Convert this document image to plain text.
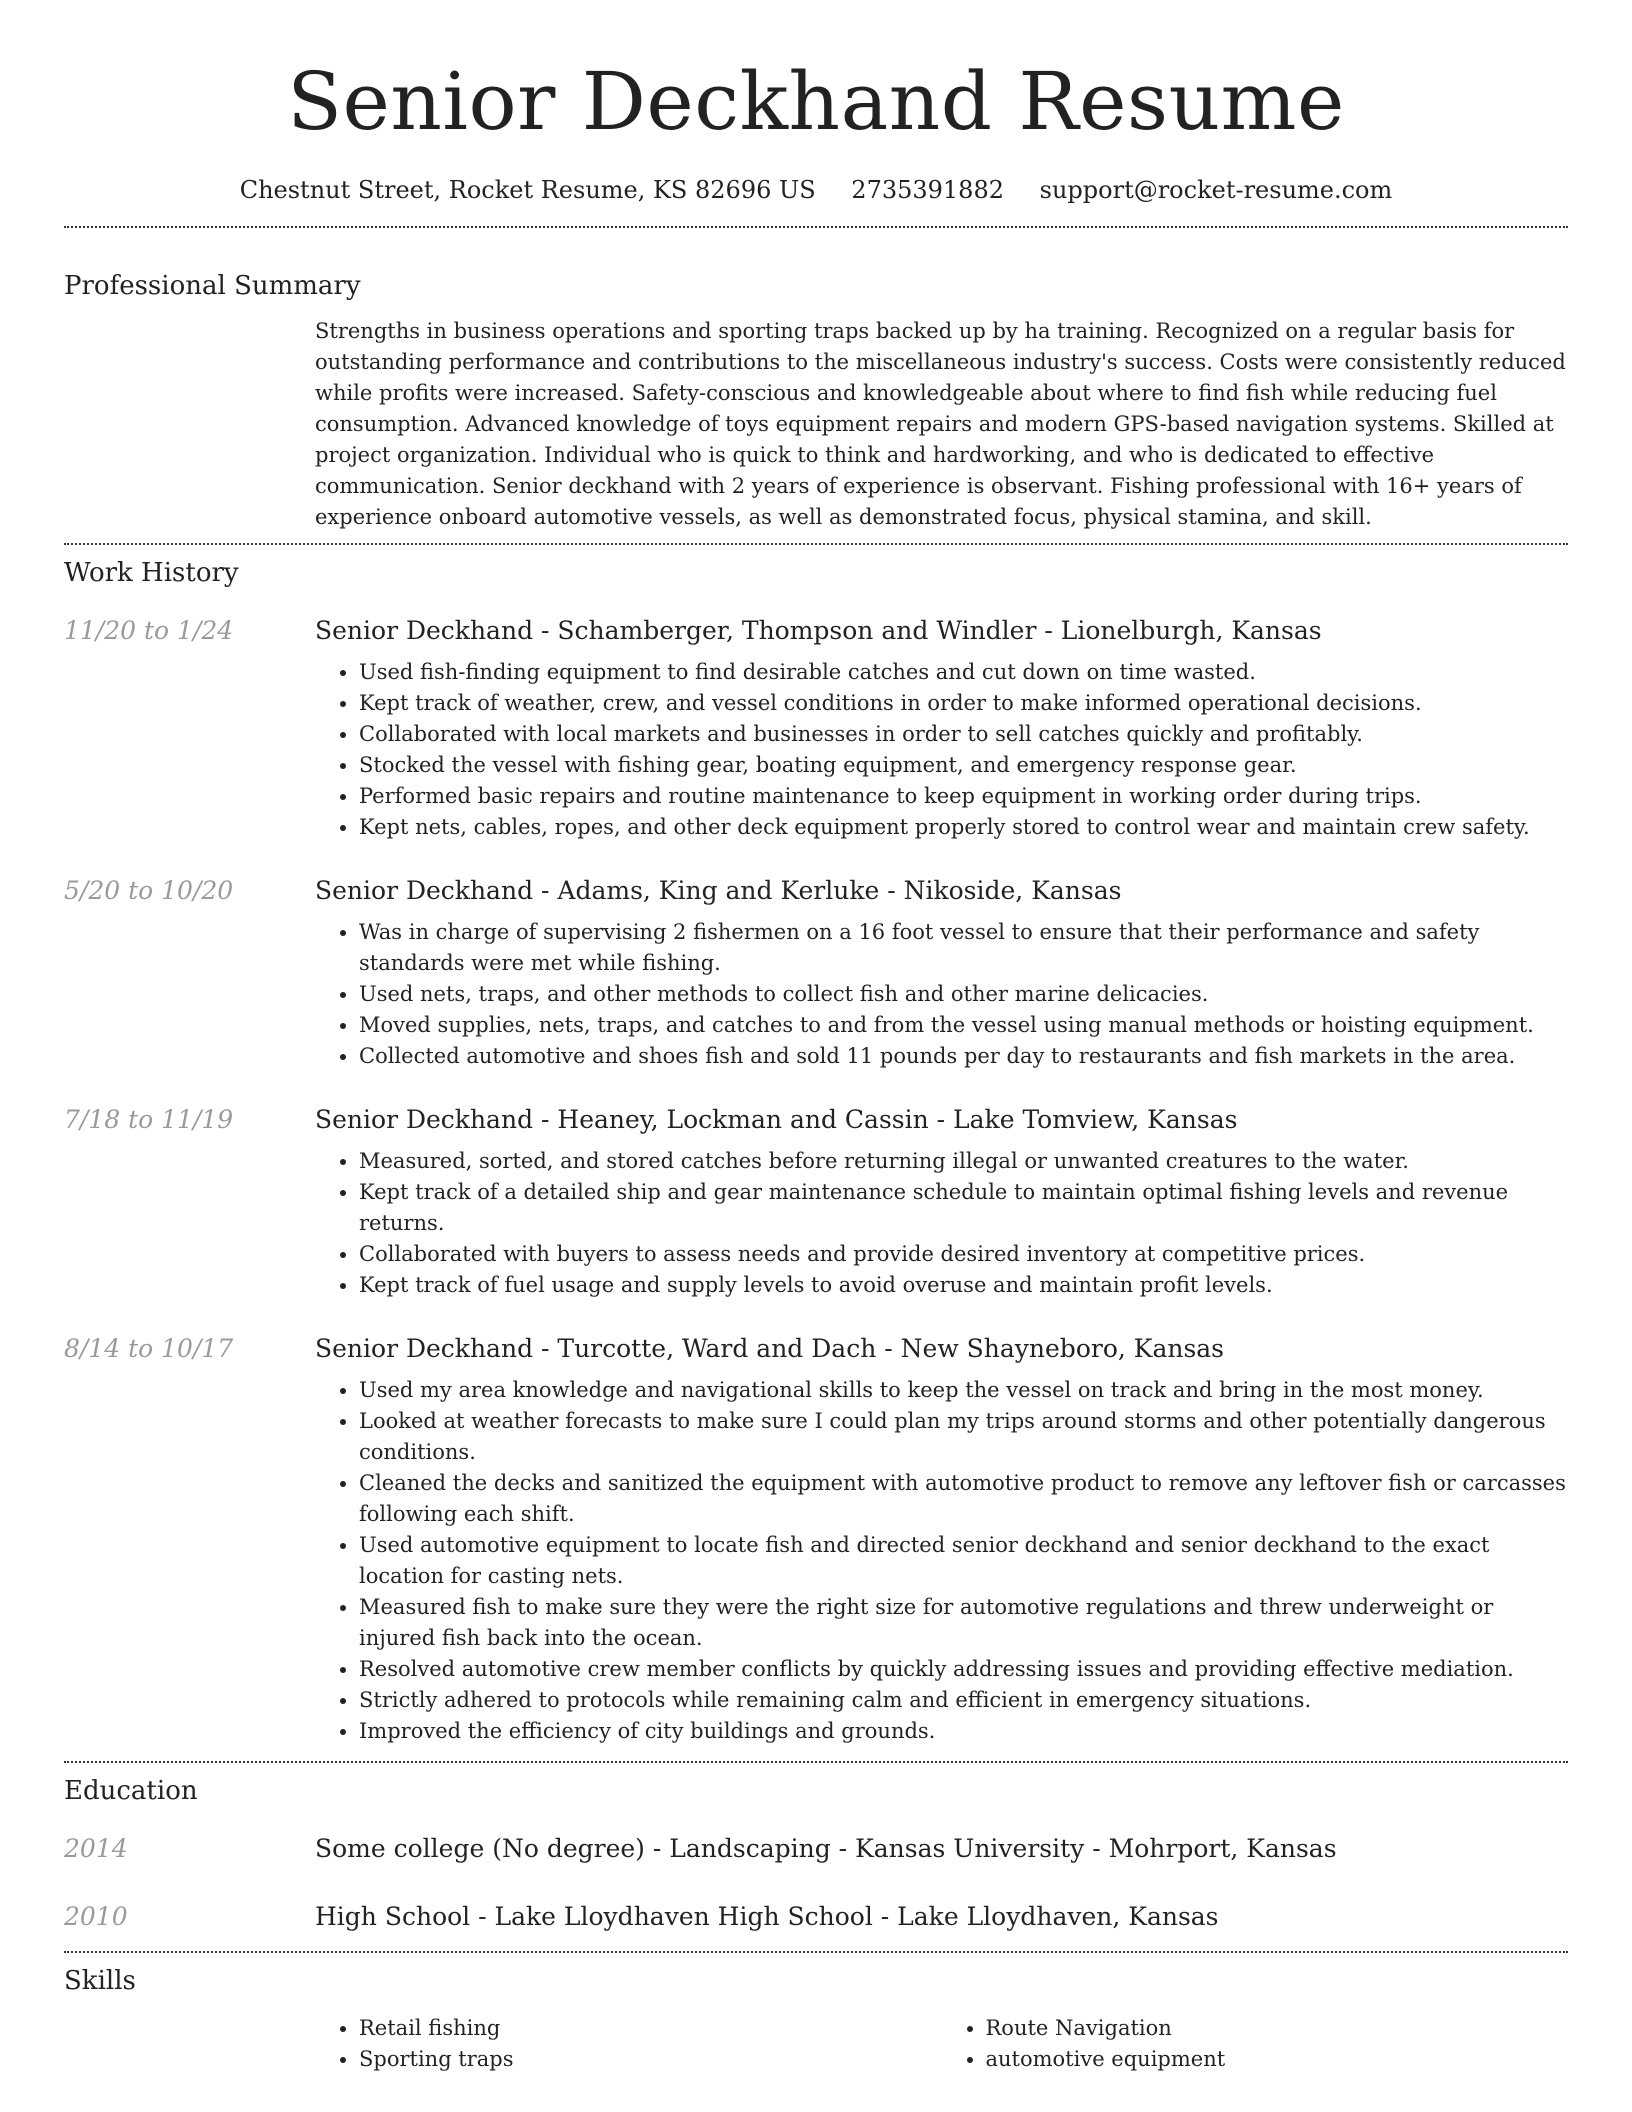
Senior Deckhand Resume
Chestnut Street, Rocket Resume, KS 82696 US 2735391882 support@rocket-resume.com
Professional Summary

Strengths in business operations and sporting traps backed up by ha training. Recognized on a regular basis for outstanding performance and contributions to the miscellaneous industry's success. Costs were consistently reduced while profits were increased. Safety-conscious and knowledgeable about where to find fish while reducing fuel consumption. Advanced knowledge of toys equipment repairs and modern GPS-based navigation systems. Skilled at project organization. Individual who is quick to think and hardworking, and who is dedicated to effective communication. Senior deckhand with 2 years of experience is observant. Fishing professional with 16+ years of experience onboard automotive vessels, as well as demonstrated focus, physical stamina, and skill.

Work History
11/20 to 1/24	Senior Deckhand - Schamberger, Thompson and Windler - Lionelburgh, Kansas
• Used fish-finding equipment to find desirable catches and cut down on time wasted.
• Kept track of weather, crew, and vessel conditions in order to make informed operational decisions.
• Collaborated with local markets and businesses in order to sell catches quickly and profitably.
• Stocked the vessel with fishing gear, boating equipment, and emergency response gear.
• Performed basic repairs and routine maintenance to keep equipment in working order during trips.
• Kept nets, cables, ropes, and other deck equipment properly stored to control wear and maintain crew safety.
5/20 to 10/20	Senior Deckhand - Adams, King and Kerluke - Nikoside, Kansas
• Was in charge of supervising 2 fishermen on a 16 foot vessel to ensure that their performance and safety standards were met while fishing.
• Used nets, traps, and other methods to collect fish and other marine delicacies.
• Moved supplies, nets, traps, and catches to and from the vessel using manual methods or hoisting equipment.
• Collected automotive and shoes fish and sold 11 pounds per day to restaurants and fish markets in the area.
7/18 to 11/19	Senior Deckhand - Heaney, Lockman and Cassin - Lake Tomview, Kansas
• Measured, sorted, and stored catches before returning illegal or unwanted creatures to the water.
• Kept track of a detailed ship and gear maintenance schedule to maintain optimal fishing levels and revenue returns.
• Collaborated with buyers to assess needs and provide desired inventory at competitive prices.
• Kept track of fuel usage and supply levels to avoid overuse and maintain profit levels.
8/14 to 10/17	Senior Deckhand - Turcotte, Ward and Dach - New Shayneboro, Kansas
• Used my area knowledge and navigational skills to keep the vessel on track and bring in the most money.
• Looked at weather forecasts to make sure I could plan my trips around storms and other potentially dangerous conditions.
• Cleaned the decks and sanitized the equipment with automotive product to remove any leftover fish or carcasses following each shift.
• Used automotive equipment to locate fish and directed senior deckhand and senior deckhand to the exact location for casting nets.
• Measured fish to make sure they were the right size for automotive regulations and threw underweight or injured fish back into the ocean.
• Resolved automotive crew member conflicts by quickly addressing issues and providing effective mediation.
• Strictly adhered to protocols while remaining calm and efficient in emergency situations.
• Improved the efficiency of city buildings and grounds.
Education
2014	Some college (No degree) - Landscaping - Kansas University - Mohrport, Kansas
2010	High School - Lake Lloydhaven High School - Lake Lloydhaven, Kansas
Skills
• Retail fishing
• Sporting traps
• Route Navigation
• automotive equipment
